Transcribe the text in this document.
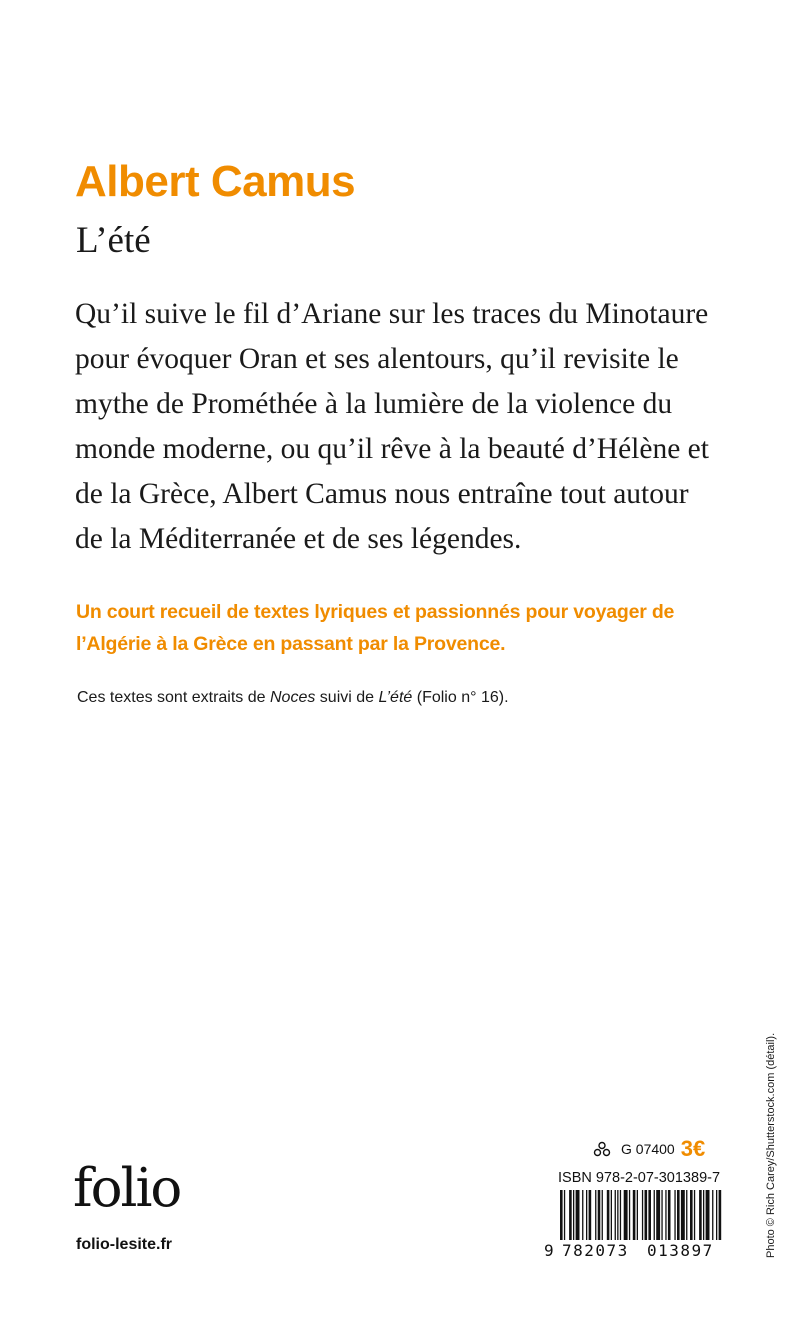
Albert Camus
L’été

Qu’il suive le fil d’Ariane sur les traces du Minotaure
pour évoquer Oran et ses alentours, qu’il revisite le
mythe de Prométhée à la lumière de la violence du
monde moderne, ou qu’il rêve à la beauté d’Hélène et
de la Grèce, Albert Camus nous entraîne tout autour
de la Méditerranée et de ses légendes.

Un court recueil de textes lyriques et passionnés pour voyager de
l’Algérie à la Grèce en passant par la Provence.

Ces textes sont extraits de Noces suivi de L’été (Folio n° 16).

Photo © Rich Carey/Shutterstock.com (détail).
folio
folio-lesite.fr
G 07400 3€
ISBN 978-2-07-301389-7
9 782073 013897
